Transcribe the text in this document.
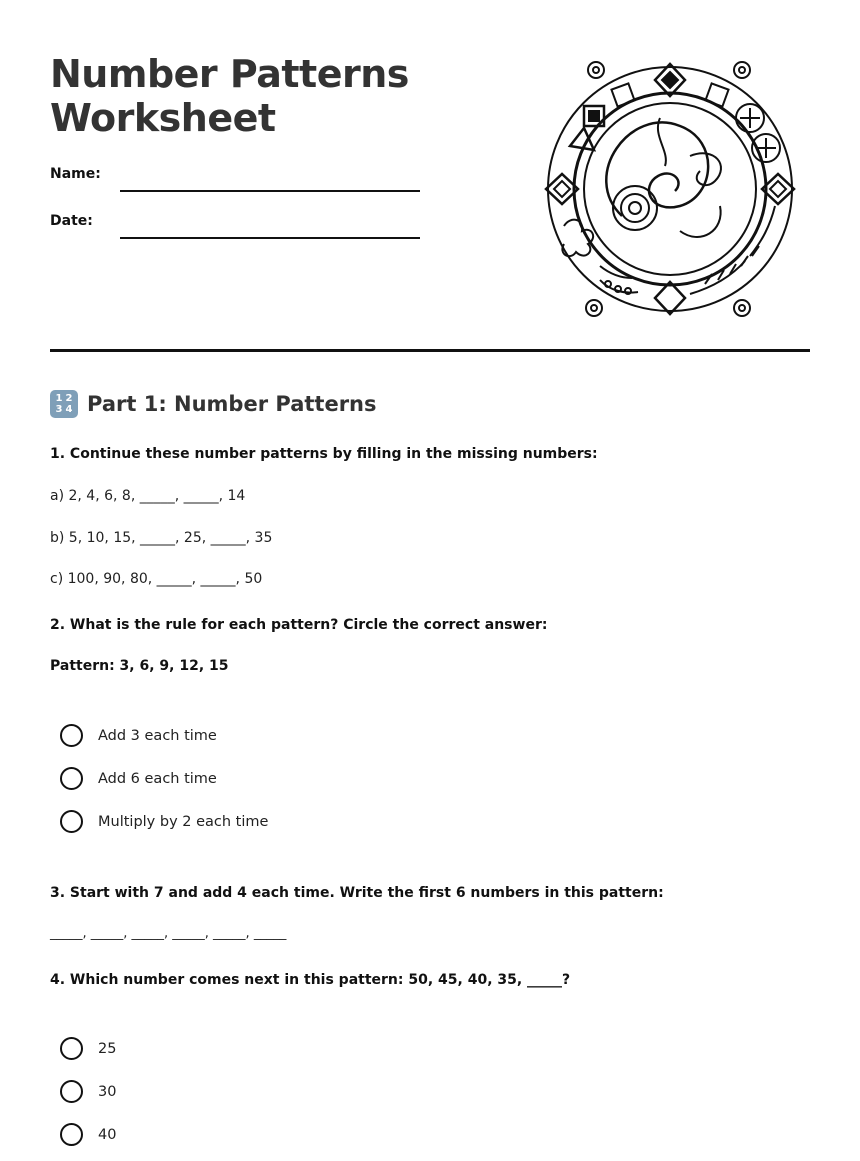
Number Patterns
Worksheet
Name:
Date:
1 2
3 4 Part 1: Number Patterns
1. Continue these number patterns by filling in the missing numbers:
a) 2, 4, 6, 8, _____, _____, 14
b) 5, 10, 15, _____, 25, _____, 35
c) 100, 90, 80, _____, _____, 50
2. What is the rule for each pattern? Circle the correct answer:
Pattern: 3, 6, 9, 12, 15
Add 3 each time
Add 6 each time
Multiply by 2 each time
3. Start with 7 and add 4 each time. Write the first 6 numbers in this pattern:
_____, _____, _____, _____, _____, _____
4. Which number comes next in this pattern: 50, 45, 40, 35, _____?
25
30
40
